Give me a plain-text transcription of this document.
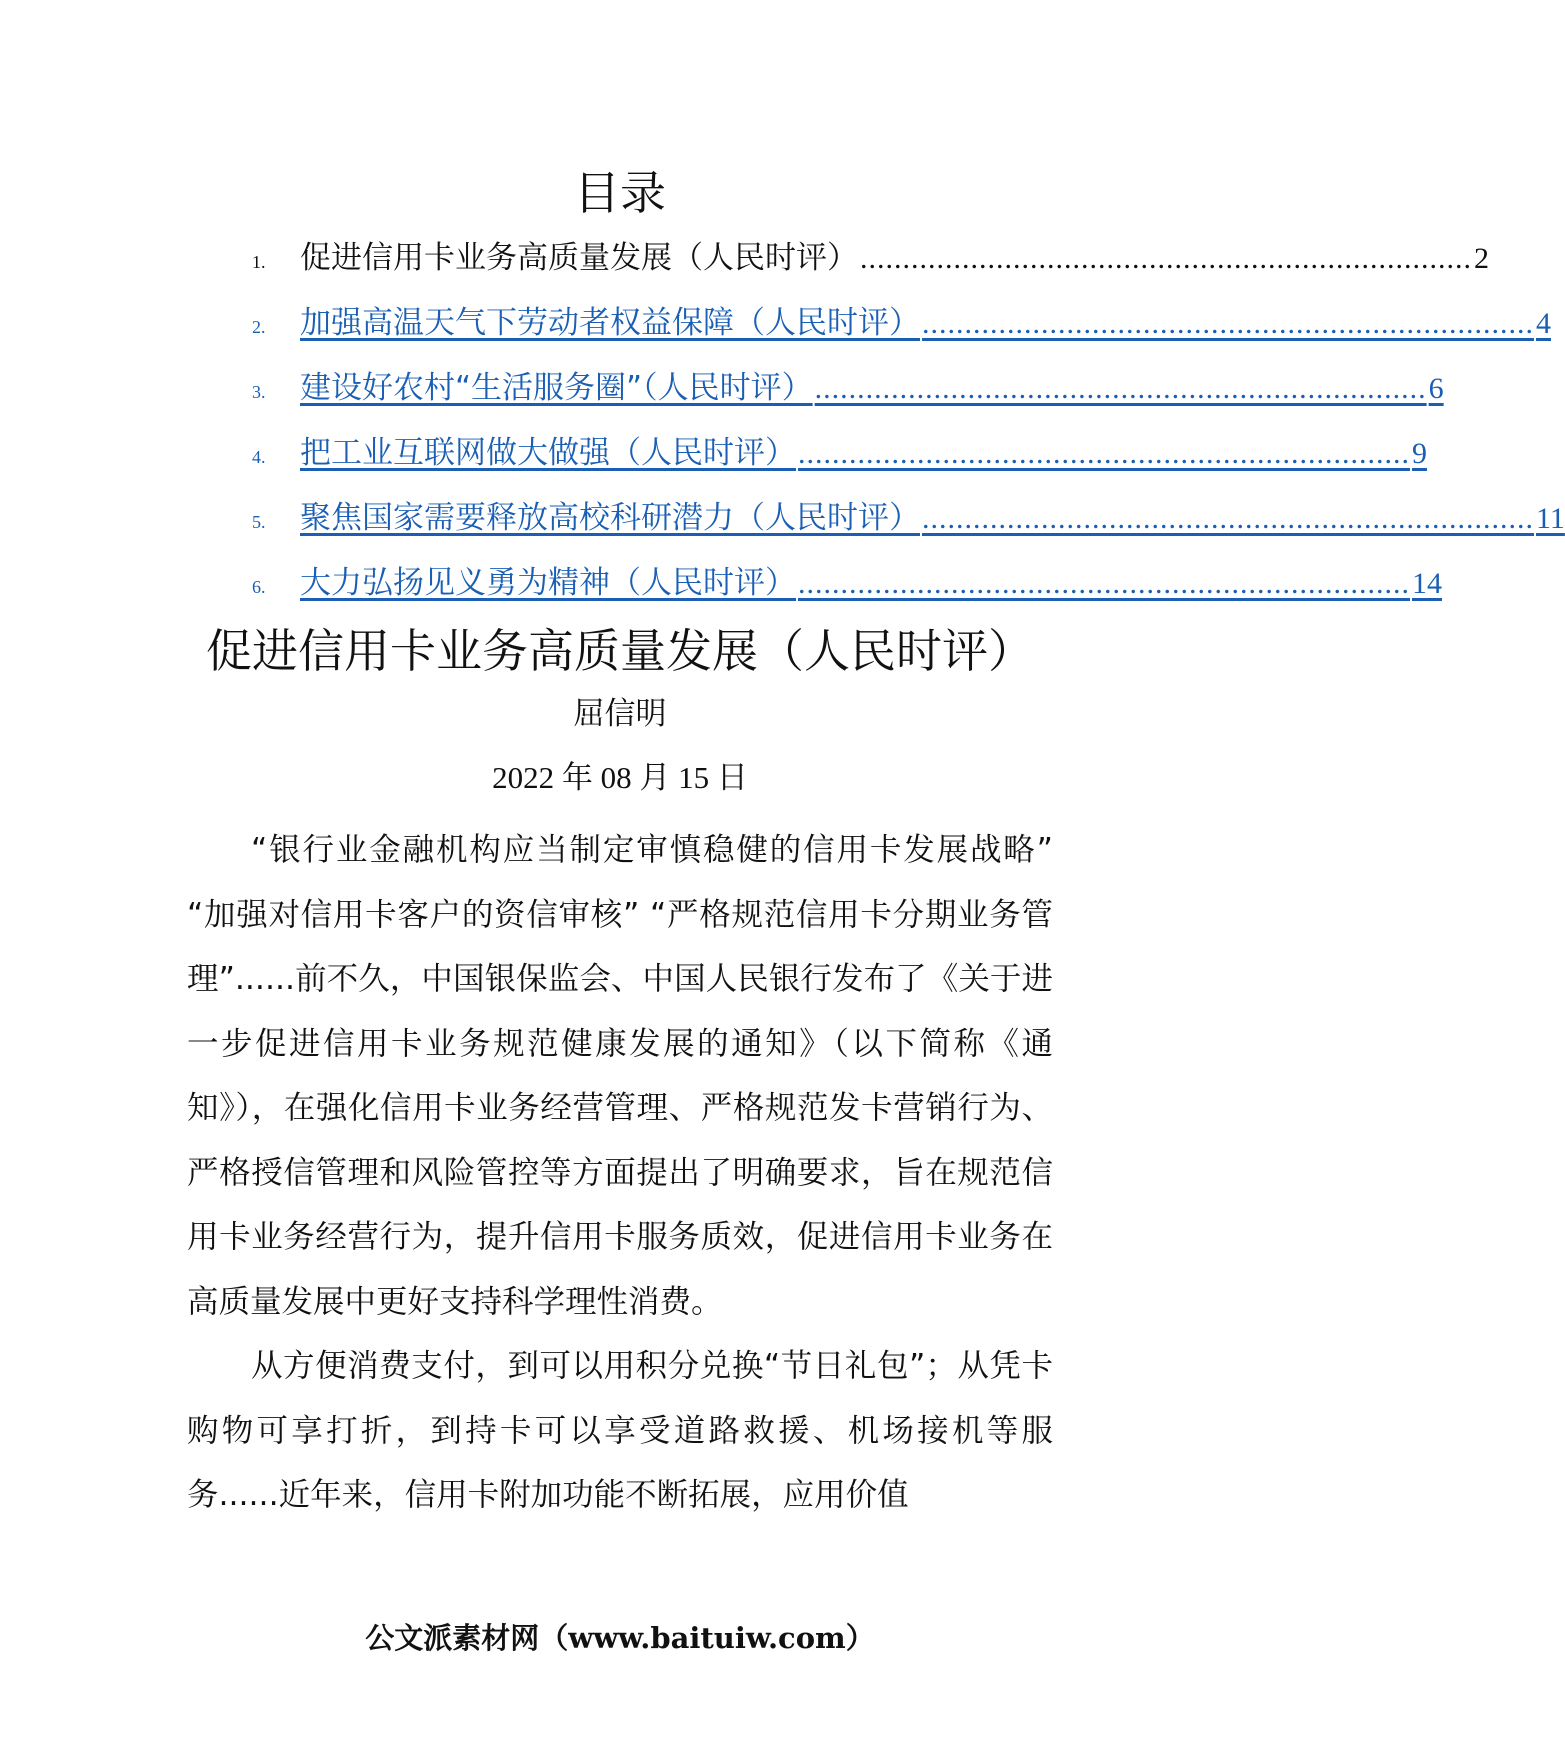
目录
1.	促进信用卡业务高质量发展（人民时评） ........................................................................ 2
2.	加强高温天气下劳动者权益保障（人民时评） ........................................................................ 4
3.	建设好农村“生活服务圈”（人民时评） ........................................................................ 6
4.	把工业互联网做大做强（人民时评） ........................................................................ 9
5.	聚焦国家需要释放高校科研潜力（人民时评） ........................................................................ 11
6.	大力弘扬见义勇为精神（人民时评） ........................................................................ 14
促进信用卡业务高质量发展（人民时评）
屈信明
2022 年 08 月 15 日

“银行业金融机构应当制定审慎稳健的信用卡发展战略” “加强对信用卡客户的资信审核” “严格规范信用卡分期业务管理”......前不久，中国银保监会、中国人民银行发布了《关于进一步促进信用卡业务规范健康发展的通知》（以下简称《通知》），在强化信用卡业务经营管理、严格规范发卡营销行为、严格授信管理和风险管控等方面提出了明确要求，旨在规范信用卡业务经营行为，提升信用卡服务质效，促进信用卡业务在高质量发展中更好支持科学理性消费。

从方便消费支付，到可以用积分兑换“节日礼包”；从凭卡购物可享打折，到持卡可以享受道路救援、机场接机等服务......近年来，信用卡附加功能不断拓展，应用价值

公文派素材网（www.baituiw.com）
